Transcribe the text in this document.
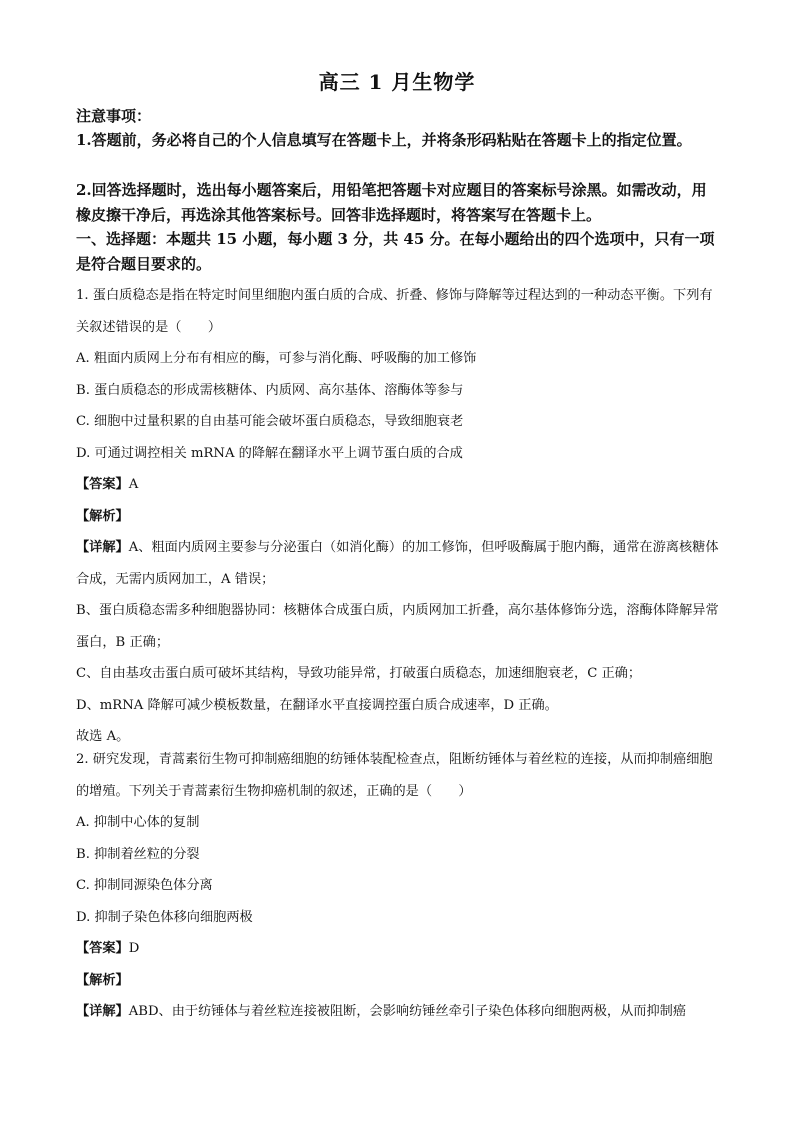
高三 1 月生物学
注意事项：
1.答题前，务必将自己的个人信息填写在答题卡上，并将条形码粘贴在答题卡上的指定位置。
2.回答选择题时，选出每小题答案后，用铅笔把答题卡对应题目的答案标号涂黑。如需改动，用橡皮擦干净后，再选涂其他答案标号。回答非选择题时，将答案写在答题卡上。
一、选择题：本题共 15 小题，每小题 3 分，共 45 分。在每小题给出的四个选项中，只有一项是符合题目要求的。

1. 蛋白质稳态是指在特定时间里细胞内蛋白质的合成、折叠、修饰与降解等过程达到的一种动态平衡。下列有关叙述错误的是（　　）

A. 粗面内质网上分布有相应的酶，可参与消化酶、呼吸酶的加工修饰

B. 蛋白质稳态的形成需核糖体、内质网、高尔基体、溶酶体等参与

C. 细胞中过量积累的自由基可能会破坏蛋白质稳态，导致细胞衰老

D. 可通过调控相关 mRNA 的降解在翻译水平上调节蛋白质的合成

【答案】A

【解析】

【详解】A、粗面内质网主要参与分泌蛋白（如消化酶）的加工修饰，但呼吸酶属于胞内酶，通常在游离核糖体合成，无需内质网加工，A 错误；

B、蛋白质稳态需多种细胞器协同：核糖体合成蛋白质，内质网加工折叠，高尔基体修饰分选，溶酶体降解异常蛋白，B 正确；

C、自由基攻击蛋白质可破坏其结构，导致功能异常，打破蛋白质稳态，加速细胞衰老，C 正确；

D、mRNA 降解可减少模板数量，在翻译水平直接调控蛋白质合成速率，D 正确。

故选 A。

2. 研究发现，青蒿素衍生物可抑制癌细胞的纺锤体装配检查点，阻断纺锤体与着丝粒的连接，从而抑制癌细胞的增殖。下列关于青蒿素衍生物抑癌机制的叙述，正确的是（　　）

A. 抑制中心体的复制

B. 抑制着丝粒的分裂

C. 抑制同源染色体分离

D. 抑制子染色体移向细胞两极

【答案】D

【解析】

【详解】ABD、由于纺锤体与着丝粒连接被阻断，会影响纺锤丝牵引子染色体移向细胞两极，从而抑制癌
